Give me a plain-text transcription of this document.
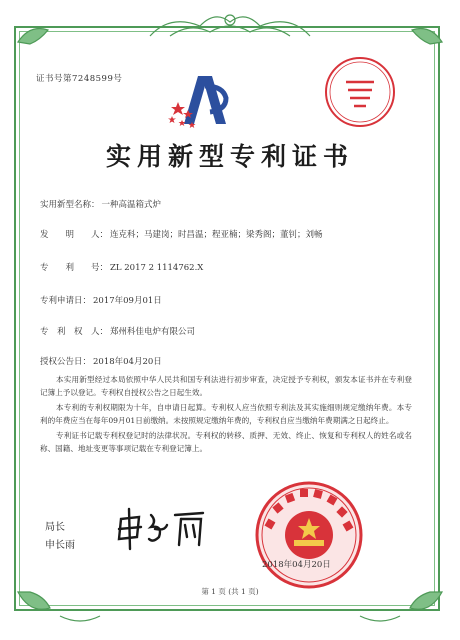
证书号第7248599号
实用新型专利证书
实用新型名称： 一种高温箱式炉
发　　明　　人： 连克科；马建岗；时昌温；程亚楠；梁秀阁；董钊；刘畅
专　　利　　号： ZL 2017 2 1114762.X
专利申请日： 2017年09月01日
专　利　权　人： 郑州科佳电炉有限公司
授权公告日： 2018年04月20日

本实用新型经过本局依照中华人民共和国专利法进行初步审查，决定授予专利权，颁发本证书并在专利登记簿上予以登记。专利权自授权公告之日起生效。

本专利的专利权期限为十年，自申请日起算。专利权人应当依照专利法及其实施细则规定缴纳年费。本专利的年费应当在每年09月01日前缴纳。未按照规定缴纳年费的，专利权自应当缴纳年费期满之日起终止。

专利证书记载专利权登记时的法律状况。专利权的转移、质押、无效、终止、恢复和专利权人的姓名或名称、国籍、地址变更等事项记载在专利登记簿上。

局长
申长雨
2018年04月20日
第 1 页 (共 1 页)
